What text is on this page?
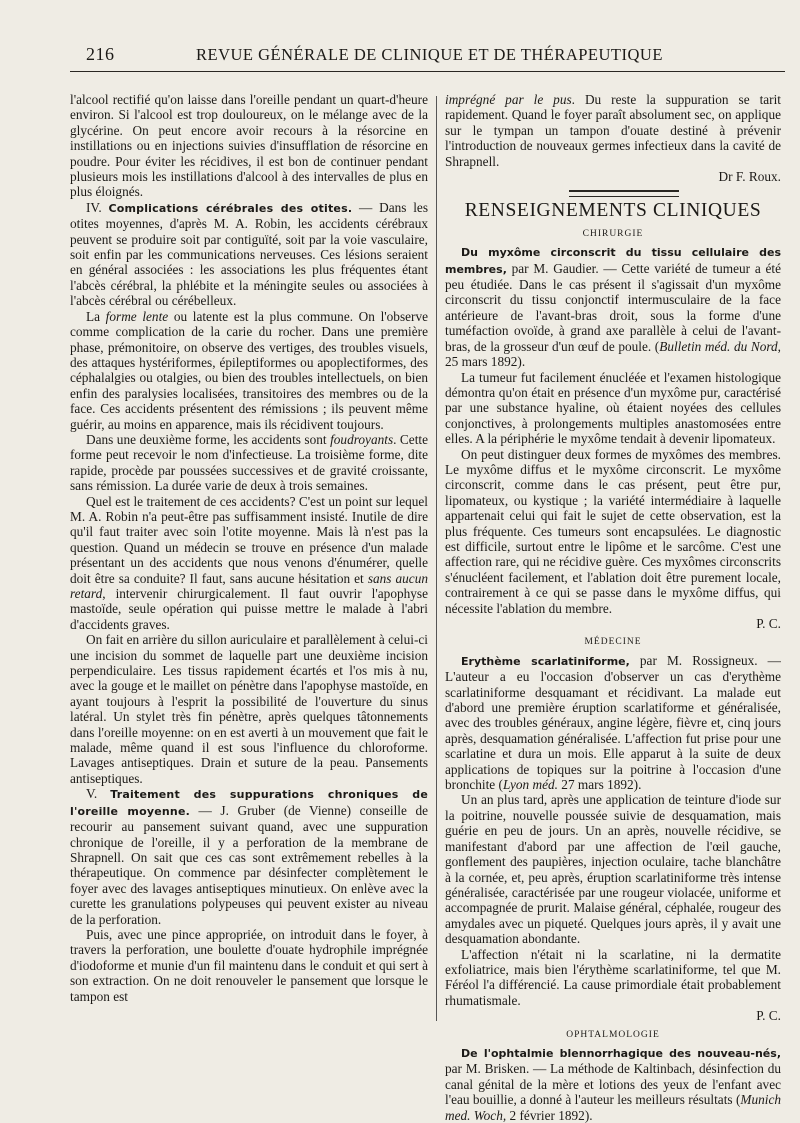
216	REVUE GÉNÉRALE DE CLINIQUE ET DE THÉRAPEUTIQUE

l'alcool rectifié qu'on laisse dans l'oreille pendant un quart-d'heure environ. Si l'alcool est trop douloureux, on le mélange avec de la glycérine. On peut encore avoir recours à la résorcine en instillations ou en injections suivies d'insufflation de résorcine en poudre. Pour éviter les récidives, il est bon de continuer pendant plusieurs mois les instillations d'alcool à des intervalles de plus en plus éloignés.

IV. Complications cérébrales des otites. — Dans les otites moyennes, d'après M. A. Robin, les accidents cérébraux peuvent se produire soit par contiguïté, soit par la voie vasculaire, soit enfin par les communications nerveuses. Ces lésions seraient en général associées : les associations les plus fréquentes étant l'abcès cérébral, la phlébite et la méningite seules ou associées à l'abcès cérébral ou cérébelleux.

La forme lente ou latente est la plus commune. On l'observe comme complication de la carie du rocher. Dans une première phase, prémonitoire, on observe des vertiges, des troubles visuels, des attaques hystériformes, épileptiformes ou apoplectiformes, des céphalalgies ou otalgies, ou bien des troubles intellectuels, on bien enfin des paralysies localisées, transitoires des membres ou de la face. Ces accidents présentent des rémissions ; ils peuvent même guérir, au moins en apparence, mais ils récidivent toujours.

Dans une deuxième forme, les accidents sont foudroyants. Cette forme peut recevoir le nom d'infectieuse. La troisième forme, dite rapide, procède par poussées successives et de gravité croissante, sans rémission. La durée varie de deux à trois semaines.

Quel est le traitement de ces accidents? C'est un point sur lequel M. A. Robin n'a peut-être pas suffisamment insisté. Inutile de dire qu'il faut traiter avec soin l'otite moyenne. Mais là n'est pas la question. Quand un médecin se trouve en présence d'un malade présentant un des accidents que nous venons d'énumérer, quelle doit être sa conduite? Il faut, sans aucune hésitation et sans aucun retard, intervenir chirurgicalement. Il faut ouvrir l'apophyse mastoïde, seule opération qui puisse mettre le malade à l'abri d'accidents graves.

On fait en arrière du sillon auriculaire et parallèlement à celui-ci une incision du sommet de laquelle part une deuxième incision perpendiculaire. Les tissus rapidement écartés et l'os mis à nu, avec la gouge et le maillet on pénètre dans l'apophyse mastoïde, en ayant toujours à l'esprit la possibilité de l'ouverture du sinus latéral. Un stylet très fin pénètre, après quelques tâtonnements dans l'oreille moyenne: on en est averti à un mouvement que fait le malade, même quand il est sous l'influence du chloroforme. Lavages antiseptiques. Drain et suture de la peau. Pansements antiseptiques.

V. Traitement des suppurations chroniques de l'oreille moyenne. — J. Gruber (de Vienne) conseille de recourir au pansement suivant quand, avec une suppuration chronique de l'oreille, il y a perforation de la membrane de Shrapnell. On sait que ces cas sont extrêmement rebelles à la thérapeutique. On commence par désinfecter complètement le foyer avec des lavages antiseptiques minutieux. On enlève avec la curette les granulations polypeuses qui peuvent exister au niveau de la perforation.

Puis, avec une pince appropriée, on introduit dans le foyer, à travers la perforation, une boulette d'ouate hydrophile imprégnée d'iodoforme et munie d'un fil maintenu dans le conduit et qui sert à son extraction. On ne doit renouveler le pansement que lorsque le tampon est

imprégné par le pus. Du reste la suppuration se tarit rapidement. Quand le foyer paraît absolument sec, on applique sur le tympan un tampon d'ouate destiné à prévenir l'introduction de nouveaux germes infectieux dans la cavité de Shrapnell.

Dr F. Roux.

RENSEIGNEMENTS CLINIQUES
CHIRURGIE

Du myxôme circonscrit du tissu cellulaire des membres, par M. Gaudier. — Cette variété de tumeur a été peu étudiée. Dans le cas présent il s'agissait d'un myxôme circonscrit du tissu conjonctif intermusculaire de la face antérieure de l'avant-bras droit, sous la forme d'une tuméfaction ovoïde, à grand axe parallèle à celui de l'avant-bras, de la grosseur d'un œuf de poule. (Bulletin méd. du Nord, 25 mars 1892).

La tumeur fut facilement énucléée et l'examen histologique démontra qu'on était en présence d'un myxôme pur, caractérisé par une substance hyaline, où étaient noyées des cellules conjonctives, à prolongements multiples anastomosées entre elles. A la périphérie le myxôme tendait à devenir lipomateux.

On peut distinguer deux formes de myxômes des membres. Le myxôme diffus et le myxôme circonscrit. Le myxôme circonscrit, comme dans le cas présent, peut être pur, lipomateux, ou kystique ; la variété intermédiaire à laquelle appartenait celui qui fait le sujet de cette observation, est la plus fréquente. Ces tumeurs sont encapsulées. Le diagnostic est difficile, surtout entre le lipôme et le sarcôme. C'est une affection rare, qui ne récidive guère. Ces myxômes circonscrits s'énucléent facilement, et l'ablation doit être purement locale, contrairement à ce qui se passe dans le myxôme diffus, qui nécessite l'ablation du membre.

P. C.

MÉDECINE

Erythème scarlatiniforme, par M. Rossigneux. — L'auteur a eu l'occasion d'observer un cas d'erythème scarlatiniforme desquamant et récidivant. La malade eut d'abord une première éruption scarlatiforme et généralisée, avec des troubles généraux, angine légère, fièvre et, cinq jours après, desquamation généralisée. L'affection fut prise pour une scarlatine et dura un mois. Elle apparut à la suite de deux applications de topiques sur la poitrine à l'occasion d'une bronchite (Lyon méd. 27 mars 1892).

Un an plus tard, après une application de teinture d'iode sur la poitrine, nouvelle poussée suivie de desquamation, mais guérie en peu de jours. Un an après, nouvelle récidive, se manifestant d'abord par une affection de l'œil gauche, gonflement des paupières, injection oculaire, tache blanchâtre à la cornée, et, peu après, éruption scarlatiniforme très intense généralisée, caractérisée par une rougeur violacée, uniforme et accompagnée de prurit. Malaise général, céphalée, rougeur des amydales avec un piqueté. Quelques jours après, il y avait une desquamation abondante.

L'affection n'était ni la scarlatine, ni la dermatite exfoliatrice, mais bien l'érythème scarlatiniforme, tel que M. Féréol l'a différencié. La cause primordiale était probablement rhumatismale.

P. C.

OPHTALMOLOGIE

De l'ophtalmie blennorrhagique des nouveau-nés, par M. Brisken. — La méthode de Kaltinbach, désinfection du canal génital de la mère et lotions des yeux de l'enfant avec l'eau bouillie, a donné à l'auteur les meilleurs résultats (Munich med. Woch, 2 février 1892).
